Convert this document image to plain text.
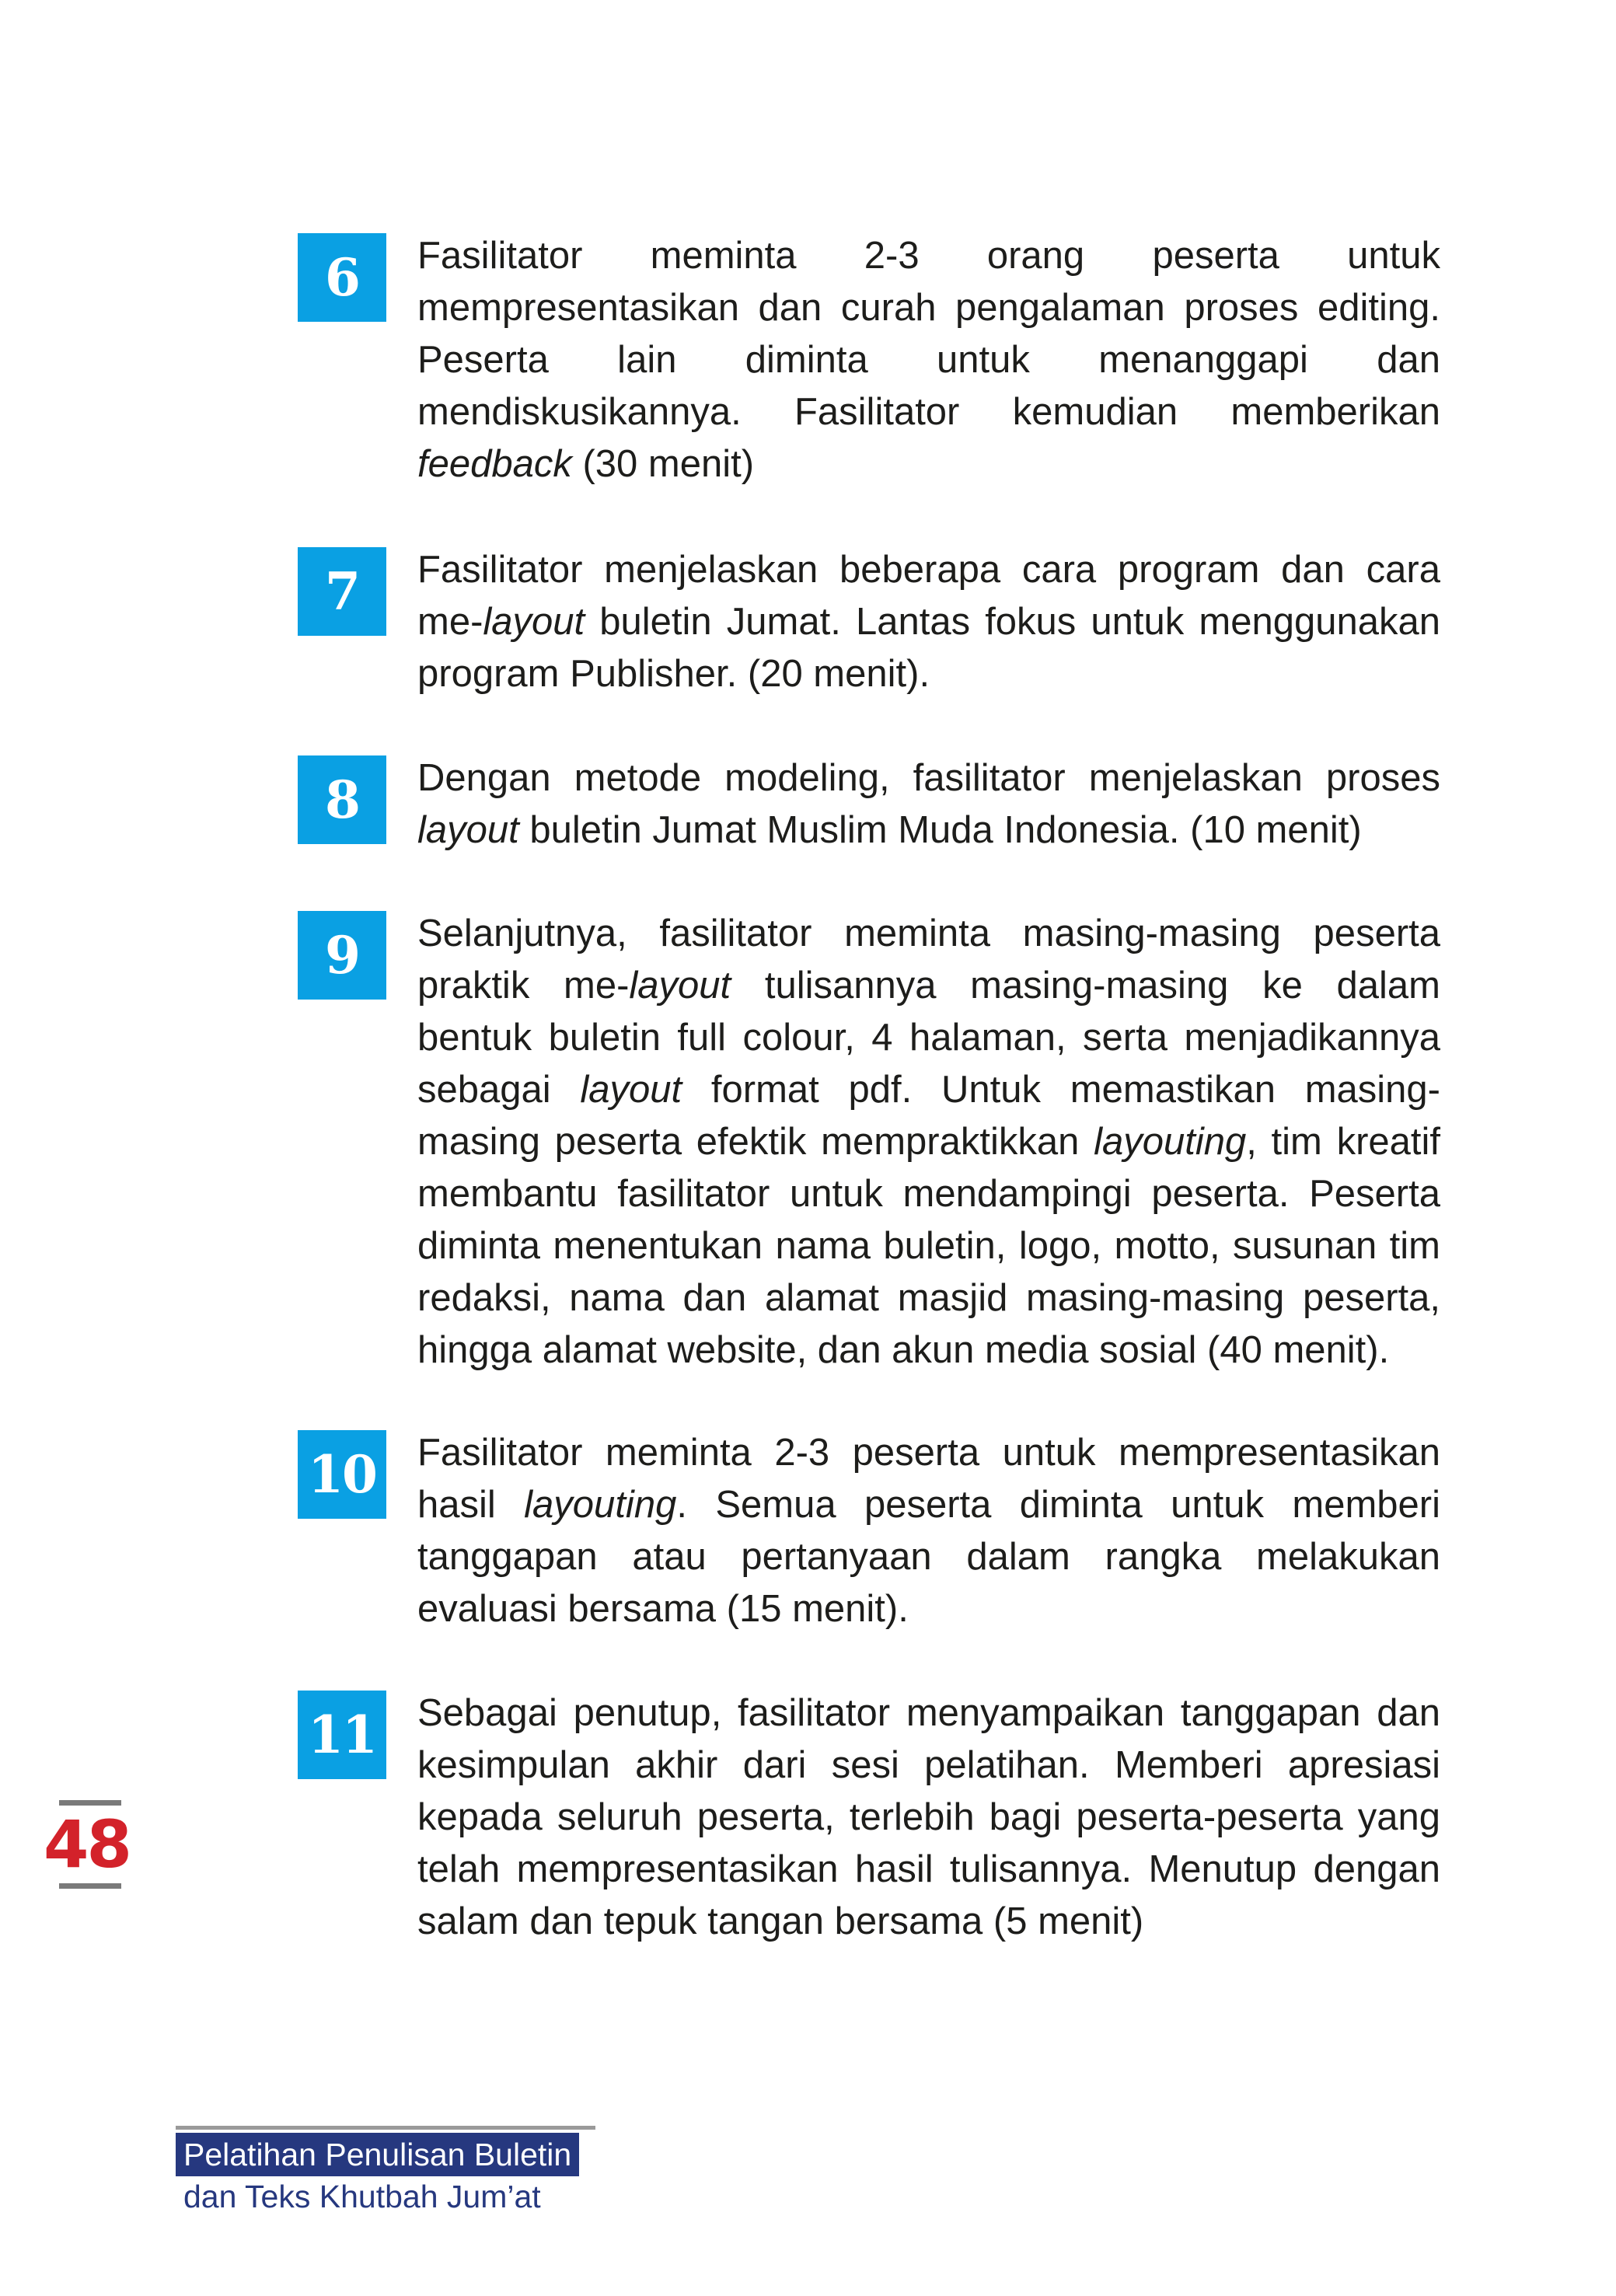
6	Fasilitator meminta 2-3 orang peserta untuk mempresentasikan dan curah pengalaman proses editing. Peserta lain diminta untuk menanggapi dan mendiskusikannya. Fasilitator kemudian memberikan feedback (30 menit)
7	Fasilitator menjelaskan beberapa cara program dan cara me-layout buletin Jumat. Lantas fokus untuk menggunakan program Publisher. (20 menit).
8	Dengan metode modeling, fasilitator menjelaskan proses layout buletin Jumat Muslim Muda Indonesia. (10 menit)
9	Selanjutnya, fasilitator meminta masing-masing peserta praktik me-layout tulisannya masing-masing ke dalam bentuk buletin full colour, 4 halaman, serta menjadikannya sebagai layout format pdf. Untuk memastikan masing-masing peserta efektik mempraktikkan layouting, tim kreatif membantu fasilitator untuk mendampingi peserta. Peserta diminta menentukan nama buletin, logo, motto, susunan tim redaksi, nama dan alamat masjid masing-masing peserta, hingga alamat website, dan akun media sosial (40 menit).
10 Fasilitator meminta 2-3 peserta untuk mempresentasikan hasil layouting. Semua peserta diminta untuk memberi tanggapan atau pertanyaan dalam rangka melakukan evaluasi bersama (15 menit).
11 Sebagai penutup, fasilitator menyampaikan tanggapan dan kesimpulan akhir dari sesi pelatihan. Memberi apresiasi kepada seluruh peserta, terlebih bagi peserta-peserta yang telah mempresentasikan hasil tulisannya. Menutup dengan salam dan tepuk tangan bersama (5 menit)
48
Pelatihan Penulisan Buletin
dan Teks Khutbah Jum’at
